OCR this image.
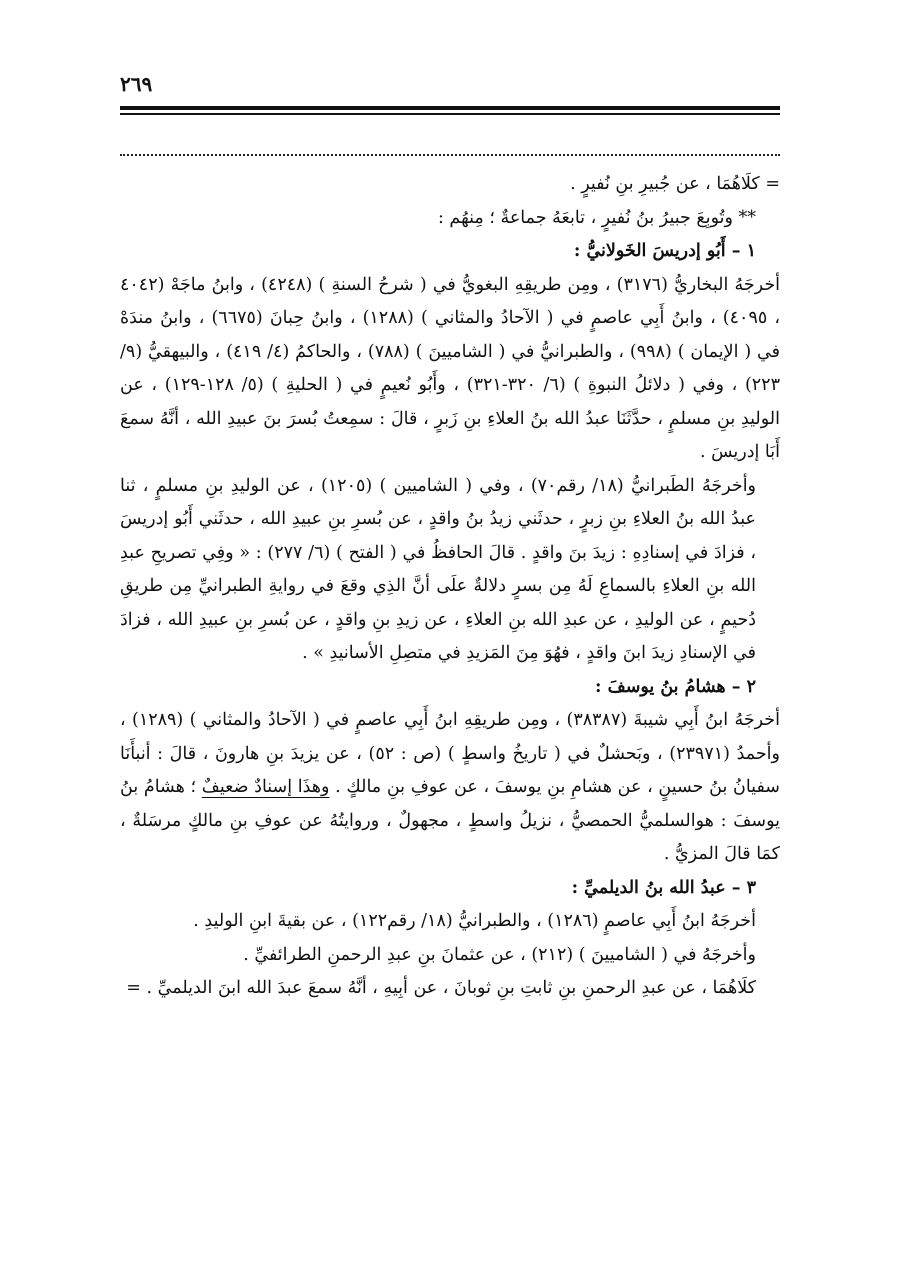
٢٦٩

= كلَاهُمَا ، عن جُبيرِ بنِ نُفيرٍ .

** وتُوبِعَ جبيرُ بنُ نُفيرٍ ، تابعَهُ جماعةٌ ؛ مِنهُم :

١ – أَبُو إدريسَ الخَولانيُّ :

أخرجَهُ البخاريُّ (٣١٧٦) ، ومِن طريقِهِ البغويُّ في ( شرحُ السنةِ ) (٤٢٤٨) ، وابنُ ماجَهْ (٤٠٤٢ ، ٤٠٩٥) ، وابنُ أَبِي عاصمٍ في ( الآحادُ والمثاني ) (١٢٨٨) ، وابنُ حِبانَ (٦٦٧٥) ، وابنُ مندَهْ في ( الإيمان ) (٩٩٨) ، والطبرانيُّ في ( الشاميينَ ) (٧٨٨) ، والحاكمُ (٤/ ٤١٩) ، والبيهقيُّ (٩/ ٢٢٣) ، وفي ( دلائلُ النبوةِ ) (٦/ ٣٢٠-٣٢١) ، وأَبُو نُعيمٍ في ( الحليةِ ) (٥/ ١٢٨-١٢٩) ، عن الوليدِ بنِ مسلمٍ ، حدَّثَنَا عبدُ الله بنُ العلاءِ بنِ زَبرٍ ، قالَ : سمِعتُ بُسرَ بنَ عبيدِ الله ، أنَّهُ سمعَ أَبَا إدريسَ .

وأخرجَهُ الطَبرانيُّ (١٨/ رقم٧٠) ، وفي ( الشاميين ) (١٢٠٥) ، عن الوليدِ بنِ مسلمٍ ، ثنا عبدُ الله بنُ العلاءِ بنِ زبرٍ ، حدثَني زيدُ بنُ واقدٍ ، عن بُسرِ بنِ عبيدِ الله ، حدثَني أَبُو إدريسَ ، فزادَ في إسنادِهِ : زيدَ بنَ واقدٍ . قالَ الحافظُ في ( الفتح ) (٦/ ٢٧٧) : « وفِي تصريحِ عبدِ الله بنِ العلاءِ بالسماعِ لَهُ مِن بسرٍ دلالةٌ علَى أنَّ الذِي وقعَ في روايةِ الطبرانيِّ مِن طريقِ دُحيمٍ ، عن الوليدِ ، عن عبدِ الله بنِ العلاءِ ، عن زيدِ بنِ واقدٍ ، عن بُسرِ بنِ عبيدِ الله ، فزادَ في الإسنادِ زيدَ ابنَ واقدٍ ، فهُوَ مِنَ المَزيدِ في متصِلِ الأسانيدِ » .

٢ – هشامُ بنُ يوسفَ :

أخرجَهُ ابنُ أَبِي شيبةَ (٣٨٣٨٧) ، ومِن طريقِهِ ابنُ أَبِي عاصمٍ في ( الآحادُ والمثاني ) (١٢٨٩) ، وأحمدُ (٢٣٩٧١) ، وبَحشلٌ في ( تاريخُ واسطٍ ) (ص : ٥٢) ، عن يزيدَ بنِ هارونَ ، قالَ : أنبأَنَا سفيانُ بنُ حسينٍ ، عن هشامِ بنِ يوسفَ ، عن عوفِ بنِ مالكٍ . وهذَا إسنادٌ ضعيفٌ ؛ هشامُ بنُ يوسفَ : هوالسلميُّ الحمصيُّ ، نزيلُ واسطٍ ، مجهولٌ ، وروايتُهُ عن عوفِ بنِ مالكٍ مرسَلةٌ ، كمَا قالَ المزيُّ .

٣ – عبدُ الله بنُ الديلميِّ :

أخرجَهُ ابنُ أَبِي عاصمٍ (١٢٨٦) ، والطبرانيُّ (١٨/ رقم١٢٢) ، عن بقيةَ ابنِ الوليدِ .

وأخرجَهُ في ( الشاميينَ ) (٢١٢) ، عن عثمانَ بنِ عبدِ الرحمنِ الطرائفيِّ .

كلَاهُمَا ، عن عبدِ الرحمنِ بنِ ثابتِ بنِ ثوبانَ ، عن أبِيهِ ، أنَّهُ سمعَ عبدَ الله ابنَ الديلميِّ . =
